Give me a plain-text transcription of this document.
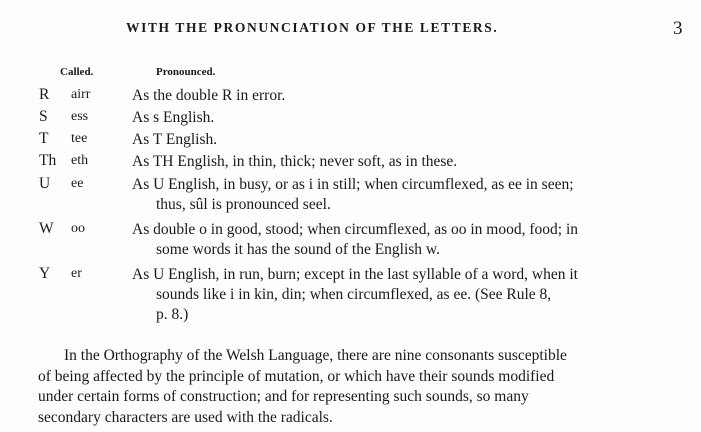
WITH THE PRONUNCIATION OF THE LETTERS.	3
Called.	Pronounced.
R airr	As the double R in error.
S ess	As s English.
T tee	As T English.
Th eth	As TH English, in thin, thick; never soft, as in these.
U ee	As U English, in busy, or as i in still; when circumflexed, as ee in seen;
thus, sûl is pronounced seel.
W oo	As double o in good, stood; when circumflexed, as oo in mood, food; in
some words it has the sound of the English w.
Y er	As U English, in run, burn; except in the last syllable of a word, when it
sounds like i in kin, din; when circumflexed, as ee. (See Rule 8,
p. 8.)
In the Orthography of the Welsh Language, there are nine consonants susceptible
of being affected by the principle of mutation, or which have their sounds modified
under certain forms of construction; and for representing such sounds, so many
secondary characters are used with the radicals.
